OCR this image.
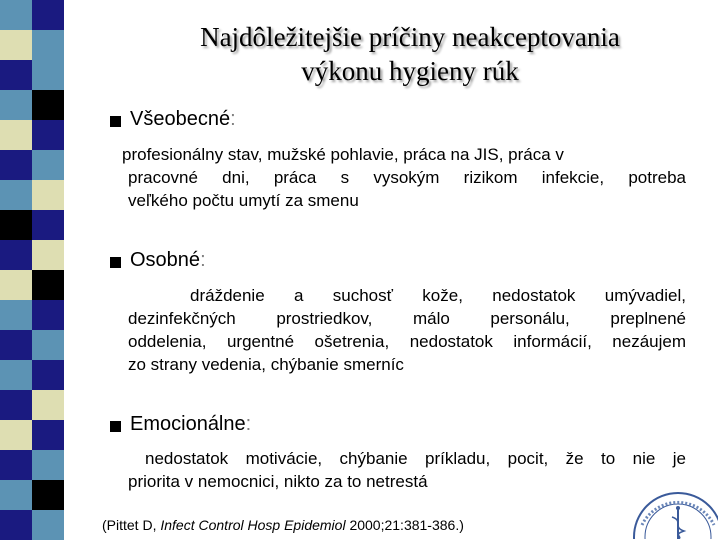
Najdôležitejšie príčiny neakceptovania
výkonu hygieny rúk
Všeobecné:
profesionálny stav, mužské pohlavie, práca na JIS, práca v
pracovné dni, práca s vysokým rizikom infekcie, potreba
veľkého počtu umytí za smenu
Osobné:
dráždenie a suchosť kože, nedostatok umývadiel,
dezinfekčných prostriedkov, málo personálu, preplnené
oddelenia, urgentné ošetrenia, nedostatok informácií, nezáujem
zo strany vedenia, chýbanie smerníc
Emocionálne:
nedostatok motivácie, chýbanie príkladu, pocit, že to nie je
priorita v nemocnici, nikto za to netrestá
(Pittet D, Infect Control Hosp Epidemiol 2000;21:381-386.)
